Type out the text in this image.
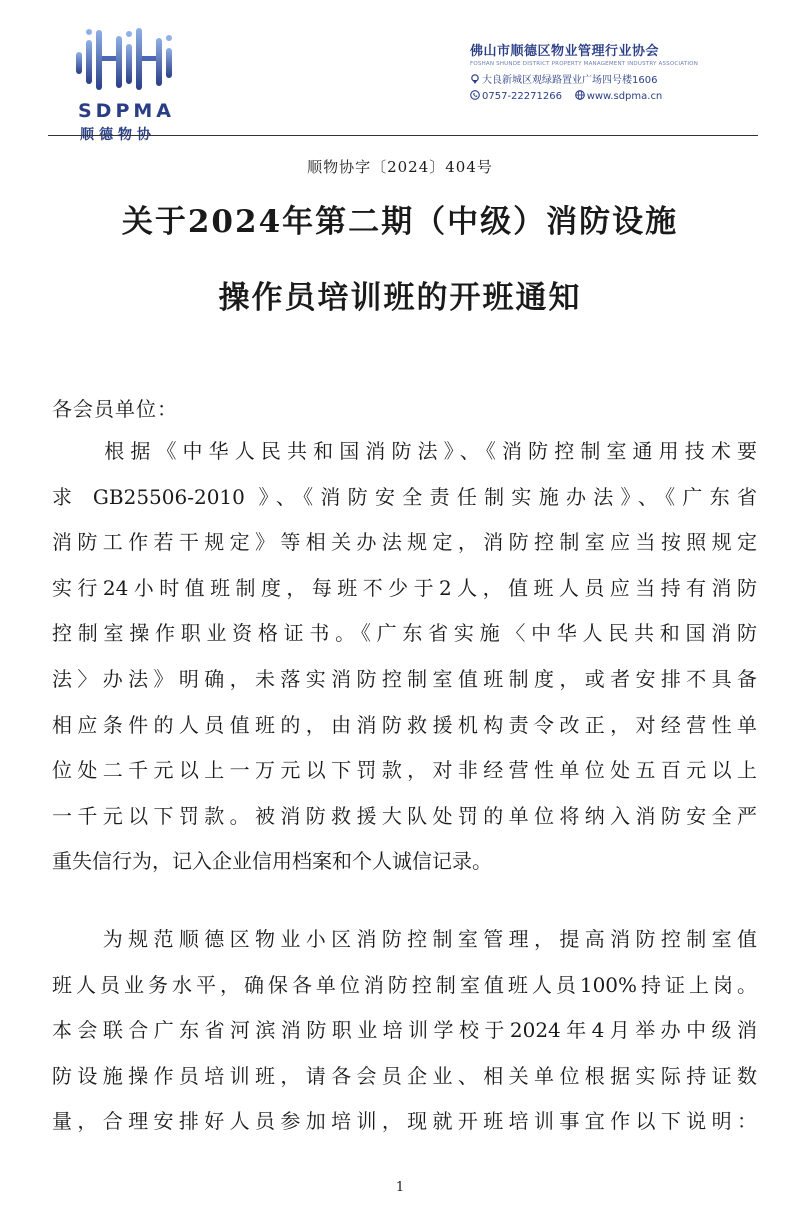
SDPMA
顺德物协
佛山市顺德区物业管理行业协会
FOSHAN SHUNDE DISTRICT PROPERTY MANAGEMENT INDUSTRY ASSOCIATION
大良新城区观绿路置业广场四号楼1606
0757-22271266 www.sdpma.cn
顺物协字〔2024〕404号
关于2024年第二期（中级）消防设施
操作员培训班的开班通知
各会员单位：
　　根据《中华人民共和国消防法》、《消防控制室通用技术要
求 GB25506-2010 》、《消防安全责任制实施办法》、《广东省
消防工作若干规定》等相关办法规定，消防控制室应当按照规定
实行24小时值班制度，每班不少于2人，值班人员应当持有消防
控制室操作职业资格证书。《广东省实施〈中华人民共和国消防
法〉办法》明确，未落实消防控制室值班制度，或者安排不具备
相应条件的人员值班的，由消防救援机构责令改正，对经营性单
位处二千元以上一万元以下罚款，对非经营性单位处五百元以上
一千元以下罚款。被消防救援大队处罚的单位将纳入消防安全严
重失信行为，记入企业信用档案和个人诚信记录。
　　为规范顺德区物业小区消防控制室管理，提高消防控制室值
班人员业务水平，确保各单位消防控制室值班人员100%持证上岗。
本会联合广东省河滨消防职业培训学校于2024年4月举办中级消
防设施操作员培训班，请各会员企业、相关单位根据实际持证数
量，合理安排好人员参加培训，现就开班培训事宜作以下说明：
1
